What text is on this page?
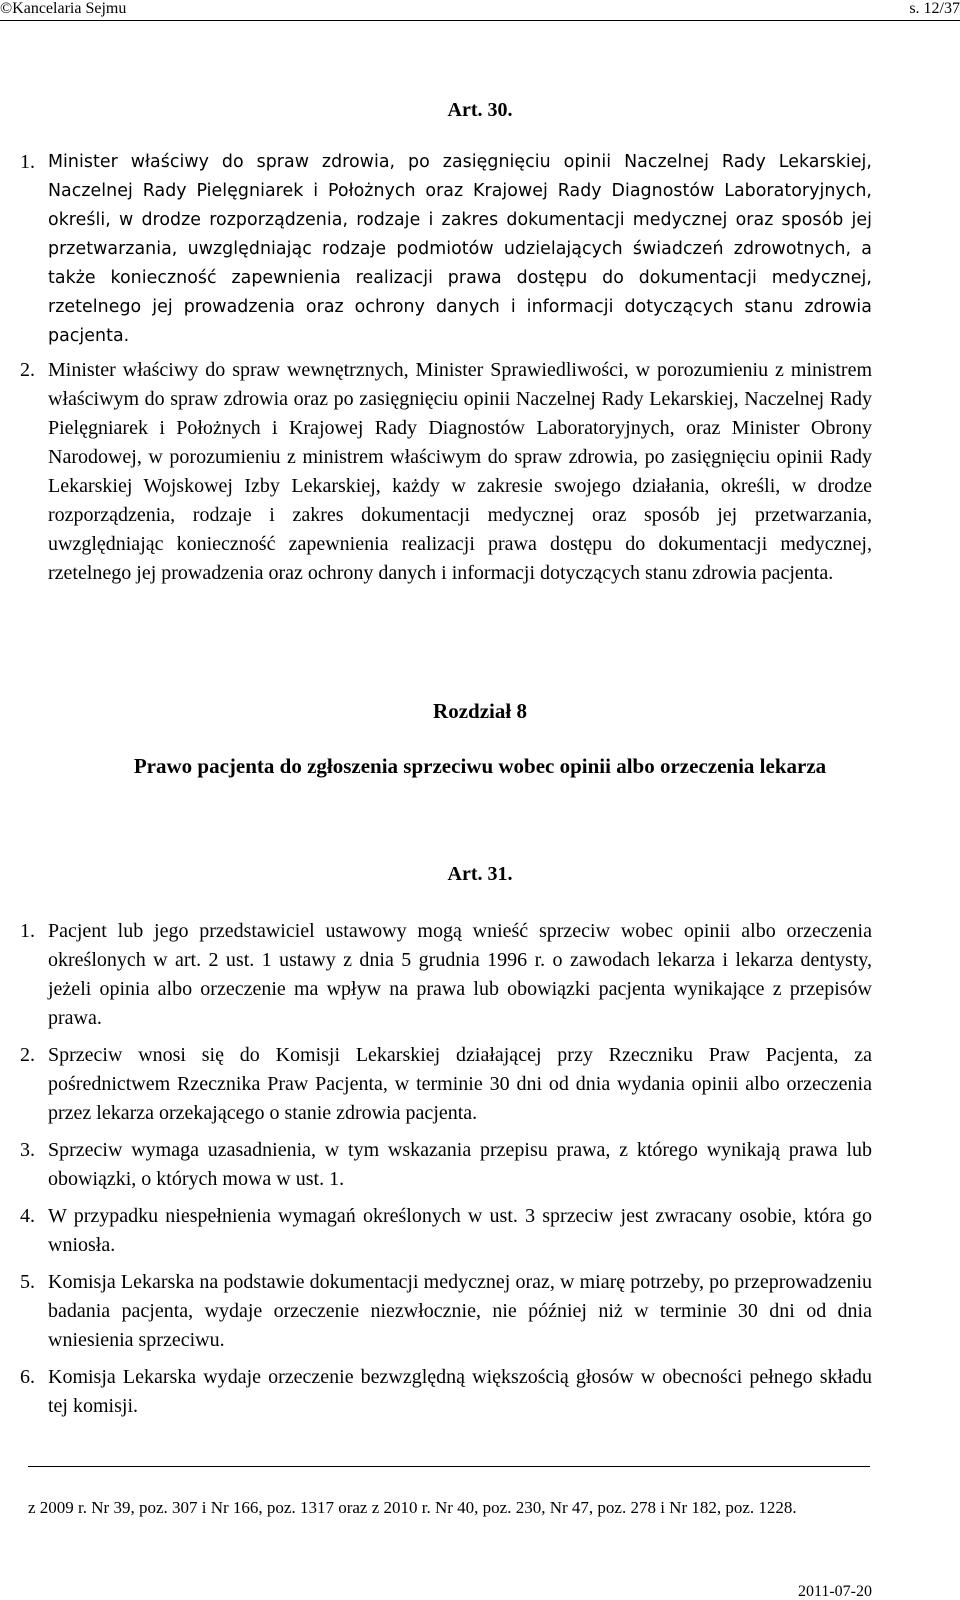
©Kancelaria Sejmu	s. 12/37
Art. 30.

1. Minister właściwy do spraw zdrowia, po zasięgnięciu opinii Naczelnej Rady Lekarskiej, Naczelnej Rady Pielęgniarek i Położnych oraz Krajowej Rady Diagnostów Laboratoryjnych, określi, w drodze rozporządzenia, rodzaje i zakres dokumentacji medycznej oraz sposób jej przetwarzania, uwzględniając rodzaje podmiotów udzielających świadczeń zdrowotnych, a także konieczność zapewnienia realizacji prawa dostępu do dokumentacji medycznej, rzetelnego jej prowadzenia oraz ochrony danych i informacji dotyczących stanu zdrowia pacjenta.

2. Minister właściwy do spraw wewnętrznych, Minister Sprawiedliwości, w porozumieniu z ministrem właściwym do spraw zdrowia oraz po zasięgnięciu opinii Naczelnej Rady Lekarskiej, Naczelnej Rady Pielęgniarek i Położnych i Krajowej Rady Diagnostów Laboratoryjnych, oraz Minister Obrony Narodowej, w porozumieniu z ministrem właściwym do spraw zdrowia, po zasięgnięciu opinii Rady Lekarskiej Wojskowej Izby Lekarskiej, każdy w zakresie swojego działania, określi, w drodze rozporządzenia, rodzaje i zakres dokumentacji medycznej oraz sposób jej przetwarzania, uwzględniając konieczność zapewnienia realizacji prawa dostępu do dokumentacji medycznej, rzetelnego jej prowadzenia oraz ochrony danych i informacji dotyczących stanu zdrowia pacjenta.

Rozdział 8
Prawo pacjenta do zgłoszenia sprzeciwu wobec opinii albo orzeczenia lekarza
Art. 31.

1. Pacjent lub jego przedstawiciel ustawowy mogą wnieść sprzeciw wobec opinii albo orzeczenia określonych w art. 2 ust. 1 ustawy z dnia 5 grudnia 1996 r. o zawodach lekarza i lekarza dentysty, jeżeli opinia albo orzeczenie ma wpływ na prawa lub obowiązki pacjenta wynikające z przepisów prawa.

2. Sprzeciw wnosi się do Komisji Lekarskiej działającej przy Rzeczniku Praw Pacjenta, za pośrednictwem Rzecznika Praw Pacjenta, w terminie 30 dni od dnia wydania opinii albo orzeczenia przez lekarza orzekającego o stanie zdrowia pacjenta.

3. Sprzeciw wymaga uzasadnienia, w tym wskazania przepisu prawa, z którego wynikają prawa lub obowiązki, o których mowa w ust. 1.

4. W przypadku niespełnienia wymagań określonych w ust. 3 sprzeciw jest zwracany osobie, która go wniosła.

5. Komisja Lekarska na podstawie dokumentacji medycznej oraz, w miarę potrzeby, po przeprowadzeniu badania pacjenta, wydaje orzeczenie niezwłocznie, nie później niż w terminie 30 dni od dnia wniesienia sprzeciwu.

6. Komisja Lekarska wydaje orzeczenie bezwzględną większością głosów w obecności pełnego składu tej komisji.

z 2009 r. Nr 39, poz. 307 i Nr 166, poz. 1317 oraz z 2010 r. Nr 40, poz. 230, Nr 47, poz. 278 i Nr 182, poz. 1228.
2011-07-20
